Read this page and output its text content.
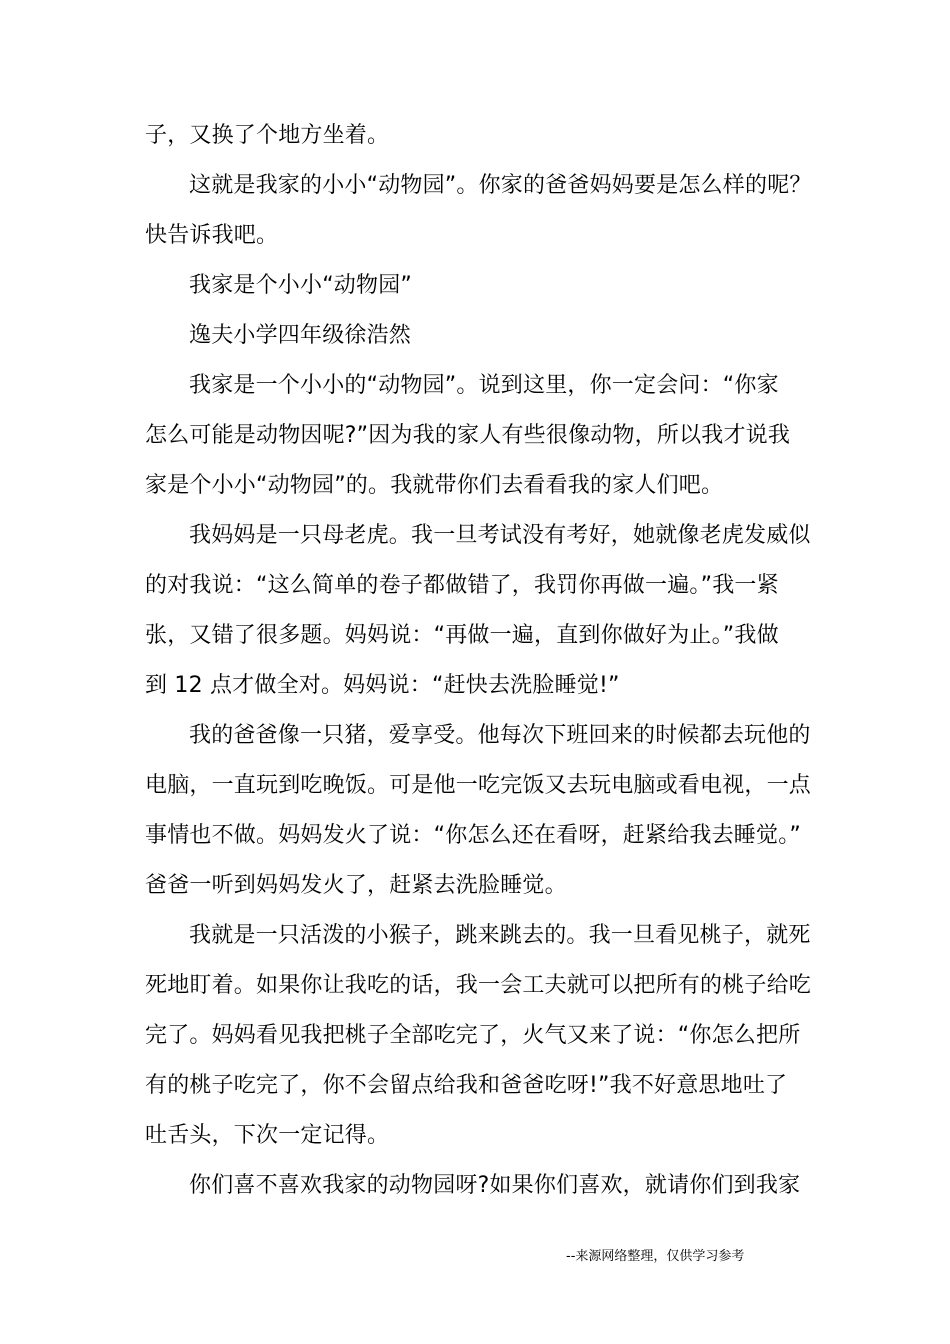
子，又换了个地方坐着。
这就是我家的小小“动物园”。你家的爸爸妈妈要是怎么样的呢？
快告诉我吧。
我家是个小小“动物园”
逸夫小学四年级徐浩然
我家是一个小小的“动物园”。说到这里，你一定会问：“你家
怎么可能是动物因呢?”因为我的家人有些很像动物，所以我才说我
家是个小小“动物园”的。我就带你们去看看我的家人们吧。
我妈妈是一只母老虎。我一旦考试没有考好，她就像老虎发威似
的对我说：“这么简单的卷子都做错了，我罚你再做一遍。”我一紧
张，又错了很多题。妈妈说：“再做一遍，直到你做好为止。”我做
到 12 点才做全对。妈妈说：“赶快去洗脸睡觉!”
我的爸爸像一只猪，爱享受。他每次下班回来的时候都去玩他的
电脑，一直玩到吃晚饭。可是他一吃完饭又去玩电脑或看电视，一点
事情也不做。妈妈发火了说：“你怎么还在看呀，赶紧给我去睡觉。”
爸爸一听到妈妈发火了，赶紧去洗脸睡觉。
我就是一只活泼的小猴子，跳来跳去的。我一旦看见桃子，就死
死地盯着。如果你让我吃的话，我一会工夫就可以把所有的桃子给吃
完了。妈妈看见我把桃子全部吃完了，火气又来了说：“你怎么把所
有的桃子吃完了，你不会留点给我和爸爸吃呀!”我不好意思地吐了
吐舌头，下次一定记得。
你们喜不喜欢我家的动物园呀?如果你们喜欢，就请你们到我家
--来源网络整理，仅供学习参考
